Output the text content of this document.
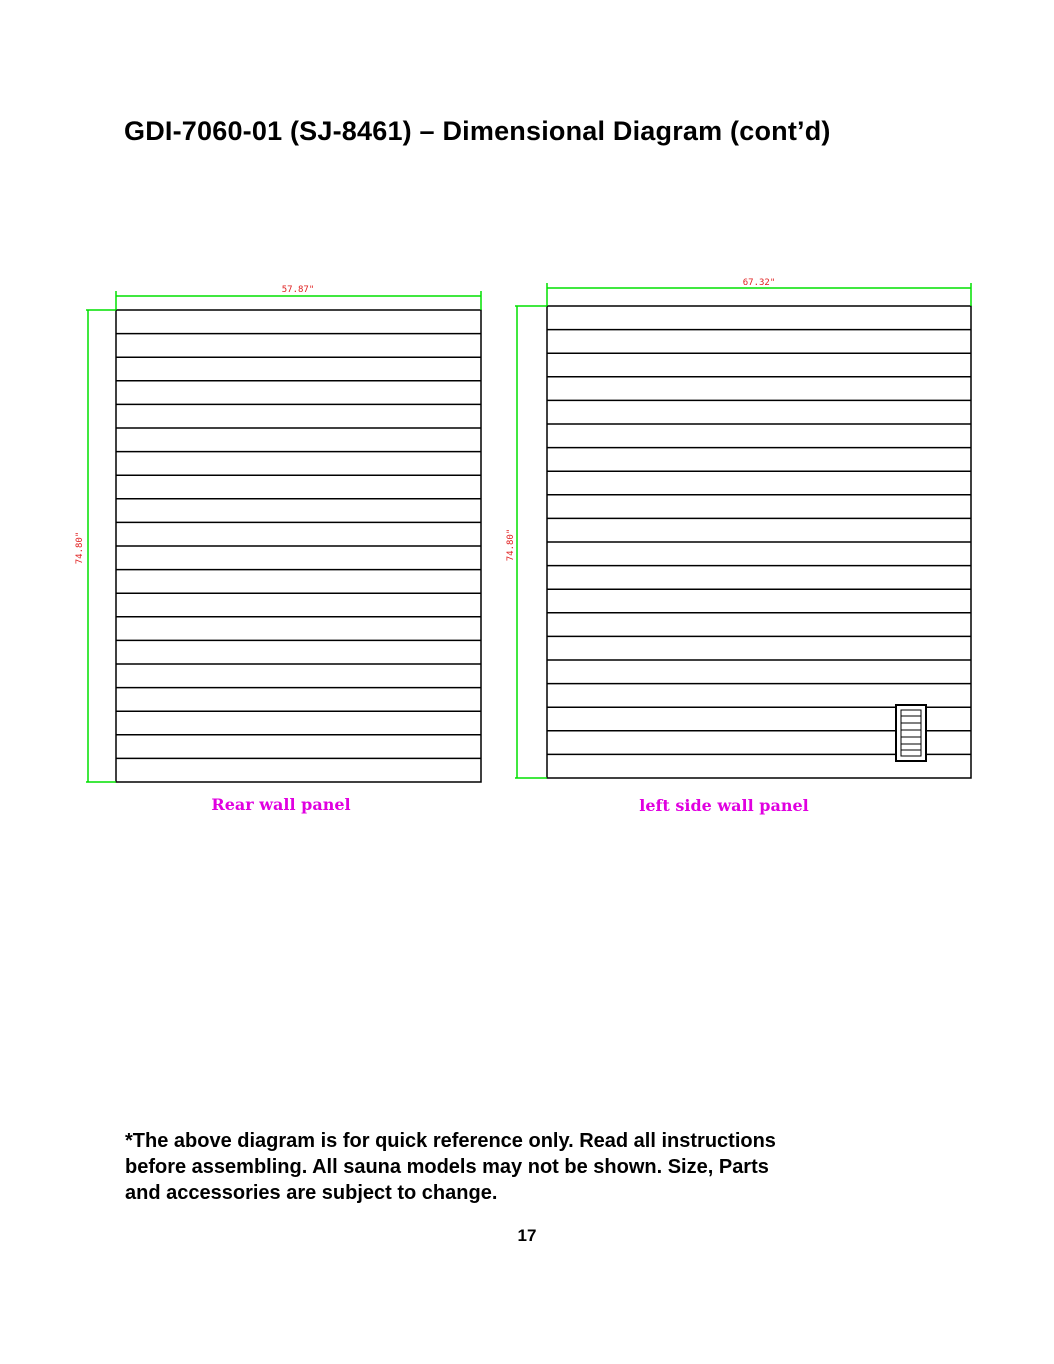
GDI-7060-01 (SJ-8461) – Dimensional Diagram (cont’d)
57.87"
74.80"
Rear wall panel
67.32"
74.80"
left side wall panel

*The above diagram is for quick reference only. Read all instructions
before assembling. All sauna models may not be shown. Size, Parts
and accessories are subject to change.

17
